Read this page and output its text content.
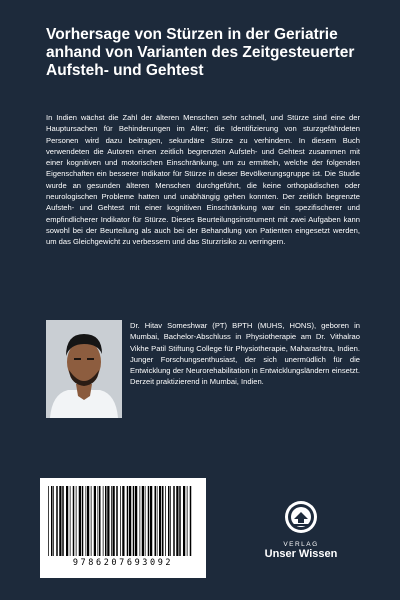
Vorhersage von Stürzen in der Geriatrie anhand von Varianten des Zeitgesteuerter Aufsteh- und Gehtest

In Indien wächst die Zahl der älteren Menschen sehr schnell, und Stürze sind eine der Hauptursachen für Behinderungen im Alter; die Identifizierung von sturzgefährdeten Personen wird dazu beitragen, sekundäre Stürze zu verhindern. In diesem Buch verwendeten die Autoren einen zeitlich begrenzten Aufsteh- und Gehtest zusammen mit einer kognitiven und motorischen Einschränkung, um zu ermitteln, welche der folgenden Eigenschaften ein besserer Indikator für Stürze in dieser Bevölkerungsgruppe ist. Die Studie wurde an gesunden älteren Menschen durchgeführt, die keine orthopädischen oder neurologischen Probleme hatten und unabhängig gehen konnten. Der zeitlich begrenzte Aufsteh- und Gehtest mit einer kognitiven Einschränkung war ein spezifischerer und empfindlicherer Indikator für Stürze. Dieses Beurteilungsinstrument mit zwei Aufgaben kann sowohl bei der Beurteilung als auch bei der Behandlung von Patienten eingesetzt werden, um das Gleichgewicht zu verbessern und das Sturzrisiko zu verringern.

Dr. Hitav Someshwar (PT) BPTH (MUHS, HONS), geboren in Mumbai, Bachelor-Abschluss in Physiotherapie am Dr. Vithalrao Vikhe Patil Stiftung College für Physiotherapie, Maharashtra, Indien. Junger Forschungsenthusiast, der sich unermüdlich für die Entwicklung der Neurorehabilitation in Entwicklungsländern einsetzt. Derzeit praktizierend in Mumbai, Indien.

9786207693092
VERLAG
Unser Wissen
